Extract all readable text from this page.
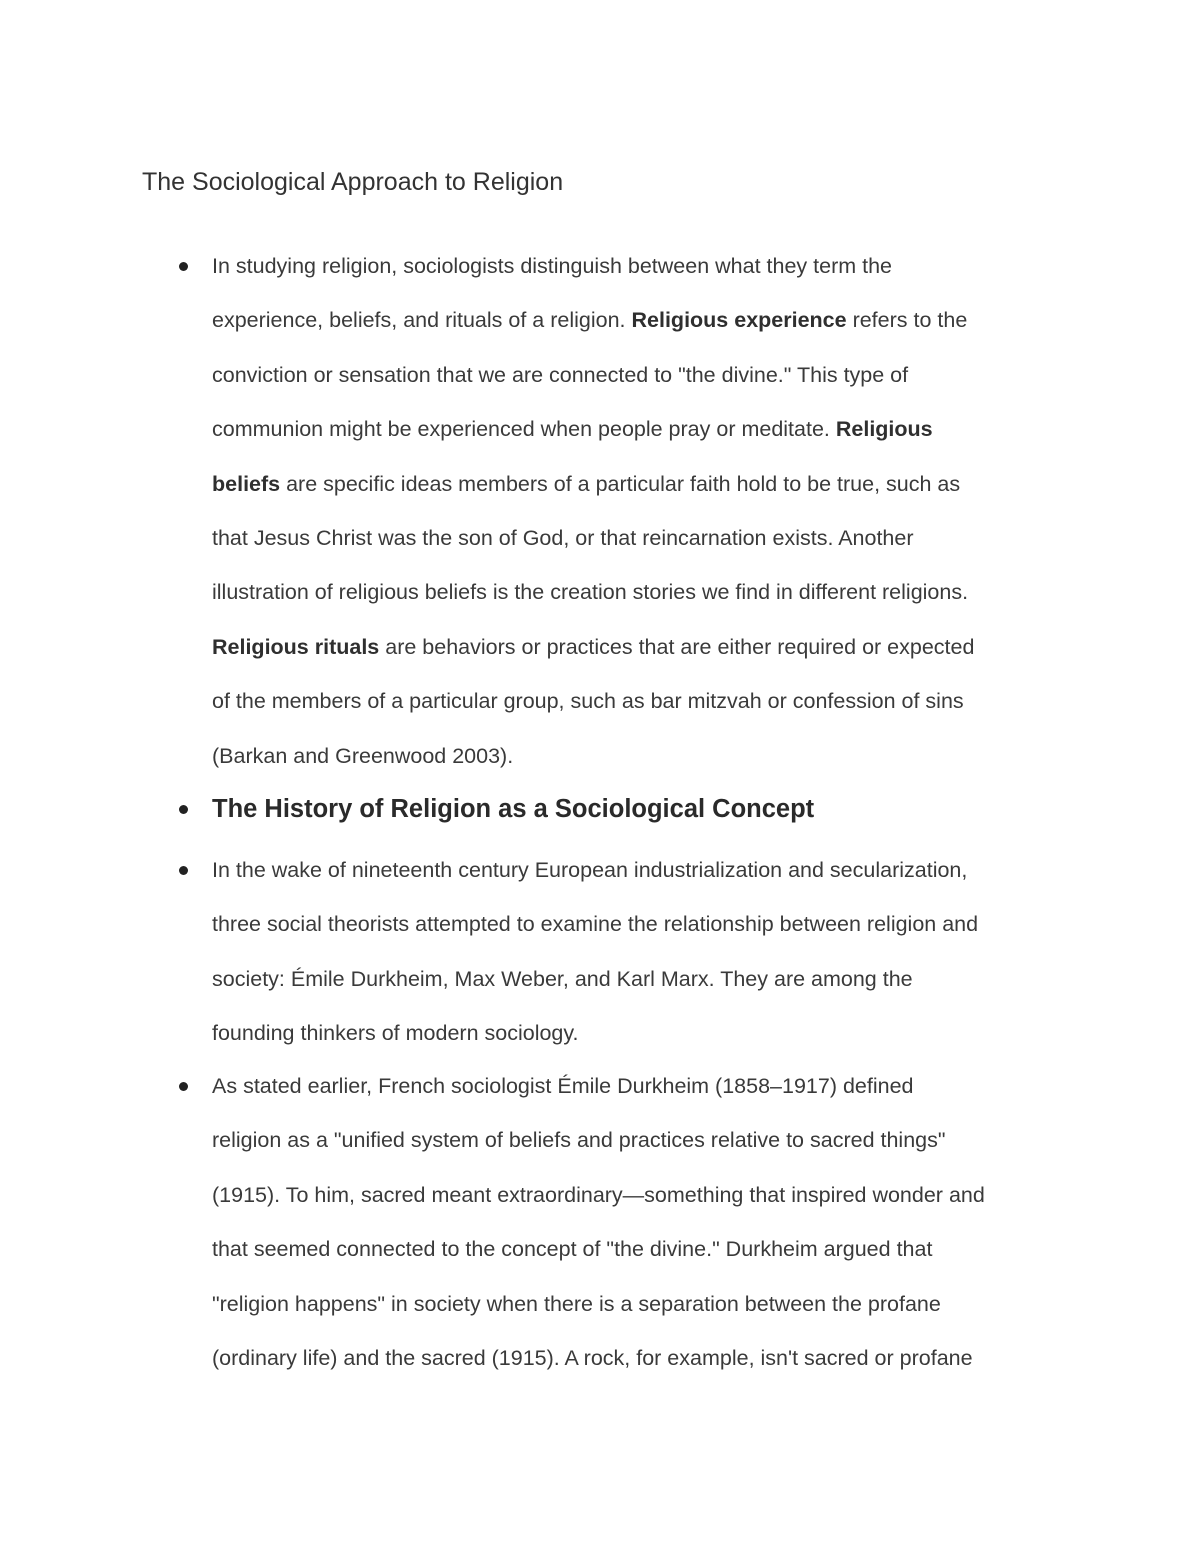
The Sociological Approach to Religion
In studying religion, sociologists distinguish between what they term the
experience, beliefs, and rituals of a religion. Religious experience refers to the
conviction or sensation that we are connected to "the divine." This type of
communion might be experienced when people pray or meditate. Religious
beliefs are specific ideas members of a particular faith hold to be true, such as
that Jesus Christ was the son of God, or that reincarnation exists. Another
illustration of religious beliefs is the creation stories we find in different religions.
Religious rituals are behaviors or practices that are either required or expected
of the members of a particular group, such as bar mitzvah or confession of sins
(Barkan and Greenwood 2003).
The History of Religion as a Sociological Concept
In the wake of nineteenth century European industrialization and secularization,
three social theorists attempted to examine the relationship between religion and
society: Émile Durkheim, Max Weber, and Karl Marx. They are among the
founding thinkers of modern sociology.
As stated earlier, French sociologist Émile Durkheim (1858–1917) defined
religion as a "unified system of beliefs and practices relative to sacred things"
(1915). To him, sacred meant extraordinary—something that inspired wonder and
that seemed connected to the concept of "the divine." Durkheim argued that
"religion happens" in society when there is a separation between the profane
(ordinary life) and the sacred (1915). A rock, for example, isn't sacred or profane
